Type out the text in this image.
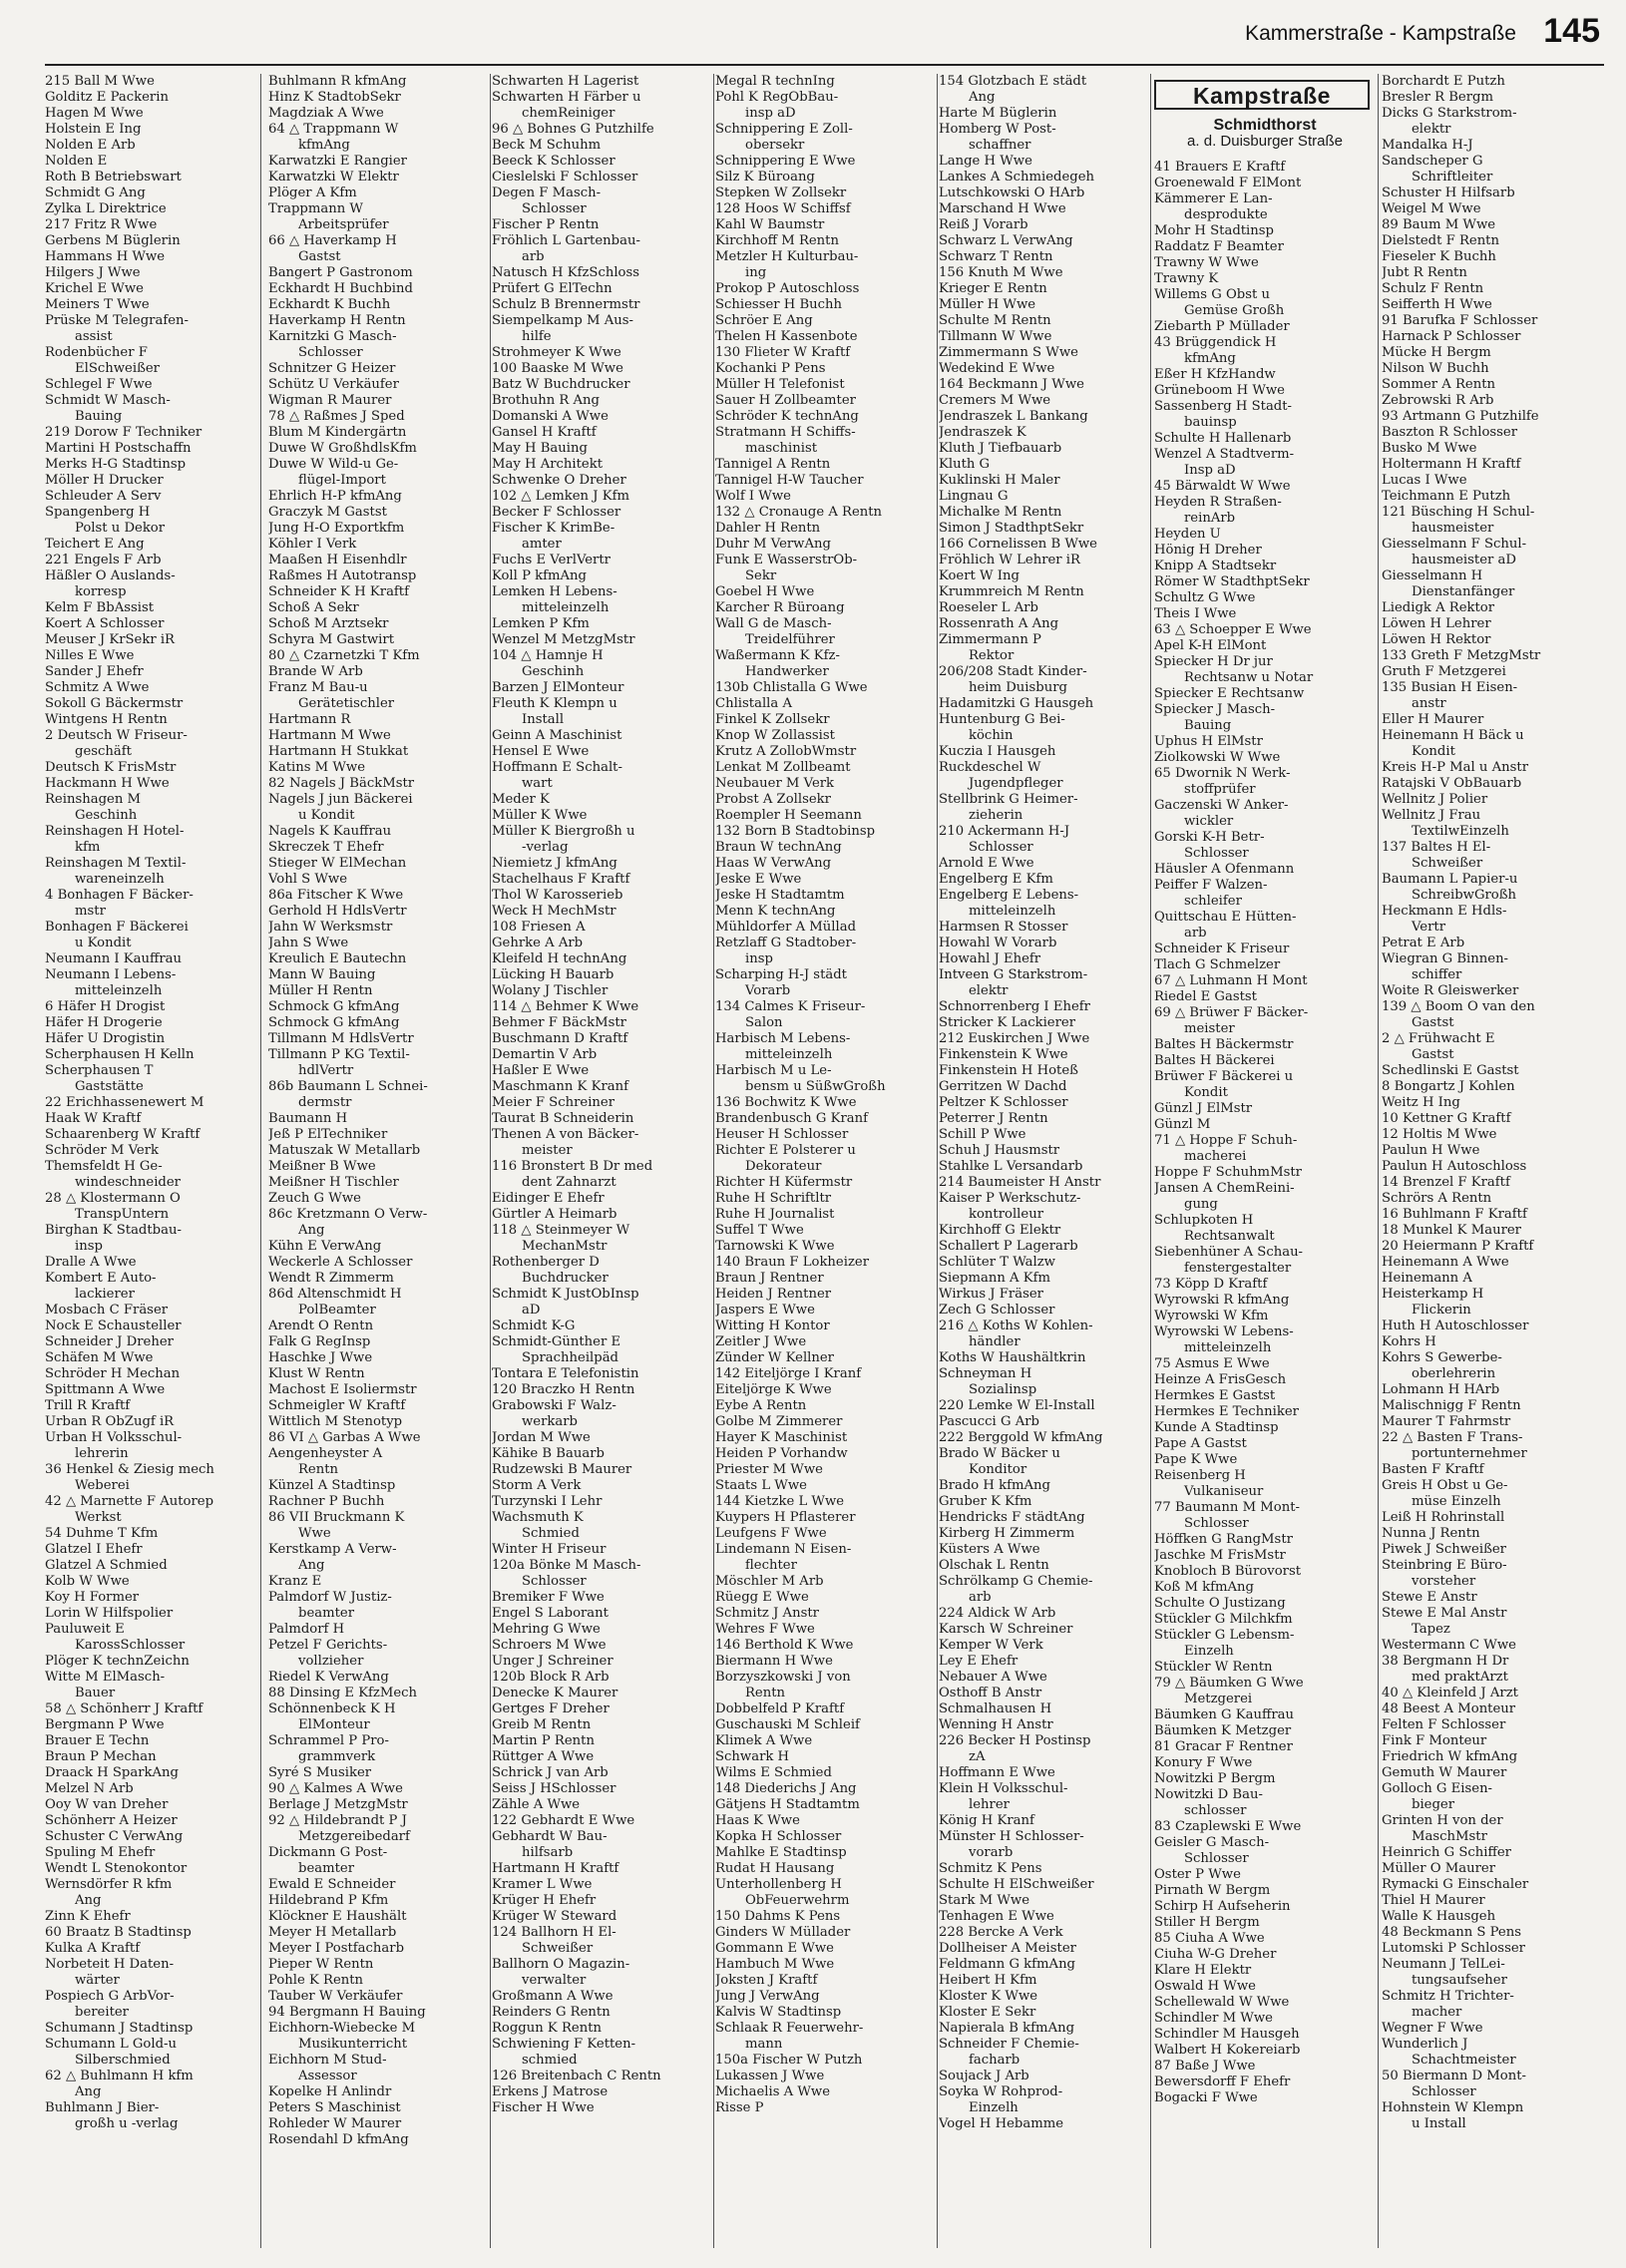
Kammerstraße - Kampstraße 145
215 Ball M Wwe
Golditz E Packerin
Hagen M Wwe
Holstein E Ing
Nolden E Arb
Nolden E
Roth B Betriebswart
Schmidt G Ang
Zylka L Direktrice
217 Fritz R Wwe
Gerbens M Büglerin
Hammans H Wwe
Hilgers J Wwe
Krichel E Wwe
Meiners T Wwe
Prüske M Telegrafen-
assist
Rodenbücher F
ElSchweißer
Schlegel F Wwe
Schmidt W Masch-
Bauing
219 Dorow F Techniker
Martini H Postschaffn
Merks H-G Stadtinsp
Möller H Drucker
Schleuder A Serv
Spangenberg H
Polst u Dekor
Teichert E Ang
221 Engels F Arb
Häßler O Auslands-
korresp
Kelm F BbAssist
Koert A Schlosser
Meuser J KrSekr iR
Nilles E Wwe
Sander J Ehefr
Schmitz A Wwe
Sokoll G Bäckermstr
Wintgens H Rentn
2 Deutsch W Friseur-
geschäft
Deutsch K FrisMstr
Hackmann H Wwe
Reinshagen M
Geschinh
Reinshagen H Hotel-
kfm
Reinshagen M Textil-
wareneinzelh
4 Bonhagen F Bäcker-
mstr
Bonhagen F Bäckerei
u Kondit
Neumann I Kauffrau
Neumann I Lebens-
mitteleinzelh
6 Häfer H Drogist
Häfer H Drogerie
Häfer U Drogistin
Scherphausen H Kelln
Scherphausen T
Gaststätte
22 Erichhassenewert M
Haak W Kraftf
Schaarenberg W Kraftf
Schröder M Verk
Themsfeldt H Ge-
windeschneider
28 △ Klostermann O
TranspUntern
Birghan K Stadtbau-
insp
Dralle A Wwe
Kombert E Auto-
lackierer
Mosbach C Fräser
Nock E Schausteller
Schneider J Dreher
Schäfen M Wwe
Schröder H Mechan
Spittmann A Wwe
Trill R Kraftf
Urban R ObZugf iR
Urban H Volksschul-
lehrerin
36 Henkel & Ziesig mech
Weberei
42 △ Marnette F Autorep
Werkst
54 Duhme T Kfm
Glatzel I Ehefr
Glatzel A Schmied
Kolb W Wwe
Koy H Former
Lorin W Hilfspolier
Pauluweit E
KarossSchlosser
Plöger K technZeichn
Witte M ElMasch-
Bauer
58 △ Schönherr J Kraftf
Bergmann P Wwe
Brauer E Techn
Braun P Mechan
Draack H SparkAng
Melzel N Arb
Ooy W van Dreher
Schönherr A Heizer
Schuster C VerwAng
Spuling M Ehefr
Wendt L Stenokontor
Wernsdörfer R kfm
Ang
Zinn K Ehefr
60 Braatz B Stadtinsp
Kulka A Kraftf
Norbeteit H Daten-
wärter
Pospiech G ArbVor-
bereiter
Schumann J Stadtinsp
Schumann L Gold-u
Silberschmied
62 △ Buhlmann H kfm
Ang
Buhlmann J Bier-
großh u -verlag
Buhlmann R kfmAng
Hinz K StadtobSekr
Magdziak A Wwe
64 △ Trappmann W
kfmAng
Karwatzki E Rangier
Karwatzki W Elektr
Plöger A Kfm
Trappmann W
Arbeitsprüfer
66 △ Haverkamp H
Gastst
Bangert P Gastronom
Eckhardt H Buchbind
Eckhardt K Buchh
Haverkamp H Rentn
Karnitzki G Masch-
Schlosser
Schnitzer G Heizer
Schütz U Verkäufer
Wigman R Maurer
78 △ Raßmes J Sped
Blum M Kindergärtn
Duwe W GroßhdlsKfm
Duwe W Wild-u Ge-
flügel-Import
Ehrlich H-P kfmAng
Graczyk M Gastst
Jung H-O Exportkfm
Köhler I Verk
Maaßen H Eisenhdlr
Raßmes H Autotransp
Schneider K H Kraftf
Schoß A Sekr
Schoß M Arztsekr
Schyra M Gastwirt
80 △ Czarnetzki T Kfm
Brande W Arb
Franz M Bau-u
Gerätetischler
Hartmann R
Hartmann M Wwe
Hartmann H Stukkat
Katins M Wwe
82 Nagels J BäckMstr
Nagels J jun Bäckerei
u Kondit
Nagels K Kauffrau
Skreczek T Ehefr
Stieger W ElMechan
Vohl S Wwe
86a Fitscher K Wwe
Gerhold H HdlsVertr
Jahn W Werksmstr
Jahn S Wwe
Kreulich E Bautechn
Mann W Bauing
Müller H Rentn
Schmock G kfmAng
Schmock G kfmAng
Tillmann M HdlsVertr
Tillmann P KG Textil-
hdlVertr
86b Baumann L Schnei-
dermstr
Baumann H
Jeß P ElTechniker
Matuszak W Metallarb
Meißner B Wwe
Meißner H Tischler
Zeuch G Wwe
86c Kretzmann O Verw-
Ang
Kühn E VerwAng
Weckerle A Schlosser
Wendt R Zimmerm
86d Altenschmidt H
PolBeamter
Arendt O Rentn
Falk G RegInsp
Haschke J Wwe
Klust W Rentn
Machost E Isoliermstr
Schmeigler W Kraftf
Wittlich M Stenotyp
86 VI △ Garbas A Wwe
Aengenheyster A
Rentn
Künzel A Stadtinsp
Rachner P Buchh
86 VII Bruckmann K
Wwe
Kerstkamp A Verw-
Ang
Kranz E
Palmdorf W Justiz-
beamter
Palmdorf H
Petzel F Gerichts-
vollzieher
Riedel K VerwAng
88 Dinsing E KfzMech
Schönnenbeck K H
ElMonteur
Schrammel P Pro-
grammverk
Syré S Musiker
90 △ Kalmes A Wwe
Berlage J MetzgMstr
92 △ Hildebrandt P J
Metzgereibedarf
Dickmann G Post-
beamter
Ewald E Schneider
Hildebrand P Kfm
Klöckner E Haushält
Meyer H Metallarb
Meyer I Postfacharb
Pieper W Rentn
Pohle K Rentn
Tauber W Verkäufer
94 Bergmann H Bauing
Eichhorn-Wiebecke M
Musikunterricht
Eichhorn M Stud-
Assessor
Kopelke H Anlindr
Peters S Maschinist
Rohleder W Maurer
Rosendahl D kfmAng
Schwarten H Lagerist
Schwarten H Färber u
chemReiniger
96 △ Bohnes G Putzhilfe
Beck M Schuhm
Beeck K Schlosser
Cieslelski F Schlosser
Degen F Masch-
Schlosser
Fischer P Rentn
Fröhlich L Gartenbau-
arb
Natusch H KfzSchloss
Prüfert G ElTechn
Schulz B Brennermstr
Siempelkamp M Aus-
hilfe
Strohmeyer K Wwe
100 Baaske M Wwe
Batz W Buchdrucker
Brothuhn R Ang
Domanski A Wwe
Gansel H Kraftf
May H Bauing
May H Architekt
Schwenke O Dreher
102 △ Lemken J Kfm
Becker F Schlosser
Fischer K KrimBe-
amter
Fuchs E VerlVertr
Koll P kfmAng
Lemken H Lebens-
mitteleinzelh
Lemken P Kfm
Wenzel M MetzgMstr
104 △ Hamnje H
Geschinh
Barzen J ElMonteur
Fleuth K Klempn u
Install
Geinn A Maschinist
Hensel E Wwe
Hoffmann E Schalt-
wart
Meder K
Müller K Wwe
Müller K Biergroßh u
-verlag
Niemietz J kfmAng
Stachelhaus F Kraftf
Thol W Karosserieb
Weck H MechMstr
108 Friesen A
Gehrke A Arb
Kleifeld H technAng
Lücking H Bauarb
Wolany J Tischler
114 △ Behmer K Wwe
Behmer F BäckMstr
Buschmann D Kraftf
Demartin V Arb
Haßler E Wwe
Maschmann K Kranf
Meier F Schreiner
Taurat B Schneiderin
Thenen A von Bäcker-
meister
116 Bronstert B Dr med
dent Zahnarzt
Eidinger E Ehefr
Gürtler A Heimarb
118 △ Steinmeyer W
MechanMstr
Rothenberger D
Buchdrucker
Schmidt K JustObInsp
aD
Schmidt K-G
Schmidt-Günther E
Sprachheilpäd
Tontara E Telefonistin
120 Braczko H Rentn
Grabowski F Walz-
werkarb
Jordan M Wwe
Kähike B Bauarb
Rudzewski B Maurer
Storm A Verk
Turzynski I Lehr
Wachsmuth K
Schmied
Winter H Friseur
120a Bönke M Masch-
Schlosser
Bremiker F Wwe
Engel S Laborant
Mehring G Wwe
Schroers M Wwe
Unger J Schreiner
120b Block R Arb
Denecke K Maurer
Gertges F Dreher
Greib M Rentn
Martin P Rentn
Rüttger A Wwe
Schrick J van Arb
Seiss J HSchlosser
Zähle A Wwe
122 Gebhardt E Wwe
Gebhardt W Bau-
hilfsarb
Hartmann H Kraftf
Kramer L Wwe
Krüger H Ehefr
Krüger W Steward
124 Ballhorn H El-
Schweißer
Ballhorn O Magazin-
verwalter
Großmann A Wwe
Reinders G Rentn
Roggun K Rentn
Schwiening F Ketten-
schmied
126 Breitenbach C Rentn
Erkens J Matrose
Fischer H Wwe
Megal R technIng
Pohl K RegObBau-
insp aD
Schnippering E Zoll-
obersekr
Schnippering E Wwe
Silz K Büroang
Stepken W Zollsekr
128 Hoos W Schiffsf
Kahl W Baumstr
Kirchhoff M Rentn
Metzler H Kulturbau-
ing
Prokop P Autoschloss
Schiesser H Buchh
Schröer E Ang
Thelen H Kassenbote
130 Flieter W Kraftf
Kochanki P Pens
Müller H Telefonist
Sauer H Zollbeamter
Schröder K technAng
Stratmann H Schiffs-
maschinist
Tannigel A Rentn
Tannigel H-W Taucher
Wolf I Wwe
132 △ Cronauge A Rentn
Dahler H Rentn
Duhr M VerwAng
Funk E WasserstrOb-
Sekr
Goebel H Wwe
Karcher R Büroang
Wall G de Masch-
Treidelführer
Waßermann K Kfz-
Handwerker
130b Chlistalla G Wwe
Chlistalla A
Finkel K Zollsekr
Knop W Zollassist
Krutz A ZollobWmstr
Lenkat M Zollbeamt
Neubauer M Verk
Probst A Zollsekr
Roempler H Seemann
132 Born B Stadtobinsp
Braun W technAng
Haas W VerwAng
Jeske E Wwe
Jeske H Stadtamtm
Menn K technAng
Mühldorfer A Müllad
Retzlaff G Stadtober-
insp
Scharping H-J städt
Vorarb
134 Calmes K Friseur-
Salon
Harbisch M Lebens-
mitteleinzelh
Harbisch M u Le-
bensm u SüßwGroßh
136 Bochwitz K Wwe
Brandenbusch G Kranf
Heuser H Schlosser
Richter E Polsterer u
Dekorateur
Richter H Küfermstr
Ruhe H Schriftltr
Ruhe H Journalist
Suffel T Wwe
Tarnowski K Wwe
140 Braun F Lokheizer
Braun J Rentner
Heiden J Rentner
Jaspers E Wwe
Witting H Kontor
Zeitler J Wwe
Zünder W Kellner
142 Eiteljörge I Kranf
Eiteljörge K Wwe
Eybe A Rentn
Golbe M Zimmerer
Hayer K Maschinist
Heiden P Vorhandw
Priester M Wwe
Staats L Wwe
144 Kietzke L Wwe
Kuypers H Pflasterer
Leufgens F Wwe
Lindemann N Eisen-
flechter
Möschler M Arb
Rüegg E Wwe
Schmitz J Anstr
Wehres F Wwe
146 Berthold K Wwe
Biermann H Wwe
Borzyszkowski J von
Rentn
Dobbelfeld P Kraftf
Guschauski M Schleif
Klimek A Wwe
Schwark H
Wilms E Schmied
148 Diederichs J Ang
Gätjens H Stadtamtm
Haas K Wwe
Kopka H Schlosser
Mahlke E Stadtinsp
Rudat H Hausang
Unterhollenberg H
ObFeuerwehrm
150 Dahms K Pens
Ginders W Müllader
Gommann E Wwe
Hambuch M Wwe
Joksten J Kraftf
Jung J VerwAng
Kalvis W Stadtinsp
Schlaak R Feuerwehr-
mann
150a Fischer W Putzh
Lukassen J Wwe
Michaelis A Wwe
Risse P
154 Glotzbach E städt
Ang
Harte M Büglerin
Homberg W Post-
schaffner
Lange H Wwe
Lankes A Schmiedegeh
Lutschkowski O HArb
Marschand H Wwe
Reiß J Vorarb
Schwarz L VerwAng
Schwarz T Rentn
156 Knuth M Wwe
Krieger E Rentn
Müller H Wwe
Schulte M Rentn
Tillmann W Wwe
Zimmermann S Wwe
Wedekind E Wwe
164 Beckmann J Wwe
Cremers M Wwe
Jendraszek L Bankang
Jendraszek K
Kluth J Tiefbauarb
Kluth G
Kuklinski H Maler
Lingnau G
Michalke M Rentn
Simon J StadthptSekr
166 Cornelissen B Wwe
Fröhlich W Lehrer iR
Koert W Ing
Krummreich M Rentn
Roeseler L Arb
Rossenrath A Ang
Zimmermann P
Rektor
206/208 Stadt Kinder-
heim Duisburg
Hadamitzki G Hausgeh
Huntenburg G Bei-
köchin
Kuczia I Hausgeh
Ruckdeschel W
Jugendpfleger
Stellbrink G Heimer-
zieherin
210 Ackermann H-J
Schlosser
Arnold E Wwe
Engelberg E Kfm
Engelberg E Lebens-
mitteleinzelh
Harmsen R Stosser
Howahl W Vorarb
Howahl J Ehefr
Intveen G Starkstrom-
elektr
Schnorrenberg I Ehefr
Stricker K Lackierer
212 Euskirchen J Wwe
Finkenstein K Wwe
Finkenstein H Hoteß
Gerritzen W Dachd
Peltzer K Schlosser
Peterrer J Rentn
Schill P Wwe
Schuh J Hausmstr
Stahlke L Versandarb
214 Baumeister H Anstr
Kaiser P Werkschutz-
kontrolleur
Kirchhoff G Elektr
Schallert P Lagerarb
Schlüter T Walzw
Siepmann A Kfm
Wirkus J Fräser
Zech G Schlosser
216 △ Koths W Kohlen-
händler
Koths W Haushältkrin
Schneyman H
Sozialinsp
220 Lemke W El-Install
Pascucci G Arb
222 Berggold W kfmAng
Brado W Bäcker u
Konditor
Brado H kfmAng
Gruber K Kfm
Hendricks F städtAng
Kirberg H Zimmerm
Küsters A Wwe
Olschak L Rentn
Schrölkamp G Chemie-
arb
224 Aldick W Arb
Karsch W Schreiner
Kemper W Verk
Ley E Ehefr
Nebauer A Wwe
Osthoff B Anstr
Schmalhausen H
Wenning H Anstr
226 Becker H Postinsp
zA
Hoffmann E Wwe
Klein H Volksschul-
lehrer
König H Kranf
Münster H Schlosser-
vorarb
Schmitz K Pens
Schulte H ElSchweißer
Stark M Wwe
Tenhagen E Wwe
228 Bercke A Verk
Dollheiser A Meister
Feldmann G kfmAng
Heibert H Kfm
Kloster K Wwe
Kloster E Sekr
Napierala B kfmAng
Schneider F Chemie-
facharb
Soujack J Arb
Soyka W Rohprod-
Einzelh
Vogel H Hebamme
Kampstraße
Schmidthorst
a. d. Duisburger Straße
41 Brauers E Kraftf
Groenewald F ElMont
Kämmerer E Lan-
desprodukte
Mohr H Stadtinsp
Raddatz F Beamter
Trawny W Wwe
Trawny K
Willems G Obst u
Gemüse Großh
Ziebarth P Müllader
43 Brüggendick H
kfmAng
Eßer H KfzHandw
Grüneboom H Wwe
Sassenberg H Stadt-
bauinsp
Schulte H Hallenarb
Wenzel A Stadtverm-
Insp aD
45 Bärwaldt W Wwe
Heyden R Straßen-
reinArb
Heyden U
Hönig H Dreher
Knipp A Stadtsekr
Römer W StadthptSekr
Schultz G Wwe
Theis I Wwe
63 △ Schoepper E Wwe
Apel K-H ElMont
Spiecker H Dr jur
Rechtsanw u Notar
Spiecker E Rechtsanw
Spiecker J Masch-
Bauing
Uphus H ElMstr
Ziolkowski W Wwe
65 Dwornik N Werk-
stoffprüfer
Gaczenski W Anker-
wickler
Gorski K-H Betr-
Schlosser
Häusler A Ofenmann
Peiffer F Walzen-
schleifer
Quittschau E Hütten-
arb
Schneider K Friseur
Tlach G Schmelzer
67 △ Luhmann H Mont
Riedel E Gastst
69 △ Brüwer F Bäcker-
meister
Baltes H Bäckermstr
Baltes H Bäckerei
Brüwer F Bäckerei u
Kondit
Günzl J ElMstr
Günzl M
71 △ Hoppe F Schuh-
macherei
Hoppe F SchuhmMstr
Jansen A ChemReini-
gung
Schlupkoten H
Rechtsanwalt
Siebenhüner A Schau-
fenstergestalter
73 Köpp D Kraftf
Wyrowski R kfmAng
Wyrowski W Kfm
Wyrowski W Lebens-
mitteleinzelh
75 Asmus E Wwe
Heinze A FrisGesch
Hermkes E Gastst
Hermkes E Techniker
Kunde A Stadtinsp
Pape A Gastst
Pape K Wwe
Reisenberg H
Vulkaniseur
77 Baumann M Mont-
Schlosser
Höffken G RangMstr
Jaschke M FrisMstr
Knobloch B Bürovorst
Koß M kfmAng
Schulte O Justizang
Stückler G Milchkfm
Stückler G Lebensm-
Einzelh
Stückler W Rentn
79 △ Bäumken G Wwe
Metzgerei
Bäumken G Kauffrau
Bäumken K Metzger
81 Gracar F Rentner
Konury F Wwe
Nowitzki P Bergm
Nowitzki D Bau-
schlosser
83 Czaplewski E Wwe
Geisler G Masch-
Schlosser
Oster P Wwe
Pirnath W Bergm
Schirp H Aufseherin
Stiller H Bergm
85 Ciuha A Wwe
Ciuha W-G Dreher
Klare H Elektr
Oswald H Wwe
Schellewald W Wwe
Schindler M Wwe
Schindler M Hausgeh
Walbert H Kokereiarb
87 Baße J Wwe
Bewersdorff F Ehefr
Bogacki F Wwe
Borchardt E Putzh
Bresler R Bergm
Dicks G Starkstrom-
elektr
Mandalka H-J
Sandscheper G
Schriftleiter
Schuster H Hilfsarb
Weigel M Wwe
89 Baum M Wwe
Dielstedt F Rentn
Fieseler K Buchh
Jubt R Rentn
Schulz F Rentn
Seifferth H Wwe
91 Barufka F Schlosser
Harnack P Schlosser
Mücke H Bergm
Nilson W Buchh
Sommer A Rentn
Zebrowski R Arb
93 Artmann G Putzhilfe
Baszton R Schlosser
Busko M Wwe
Holtermann H Kraftf
Lucas I Wwe
Teichmann E Putzh
121 Büsching H Schul-
hausmeister
Giesselmann F Schul-
hausmeister aD
Giesselmann H
Dienstanfänger
Liedigk A Rektor
Löwen H Lehrer
Löwen H Rektor
133 Greth F MetzgMstr
Gruth F Metzgerei
135 Busian H Eisen-
anstr
Eller H Maurer
Heinemann H Bäck u
Kondit
Kreis H-P Mal u Anstr
Ratajski V ObBauarb
Wellnitz J Polier
Wellnitz J Frau
TextilwEinzelh
137 Baltes H El-
Schweißer
Baumann L Papier-u
SchreibwGroßh
Heckmann E Hdls-
Vertr
Petrat E Arb
Wiegran G Binnen-
schiffer
Woite R Gleiswerker
139 △ Boom O van den
Gastst
2 △ Frühwacht E
Gastst
Schedlinski E Gastst
8 Bongartz J Kohlen
Weitz H Ing
10 Kettner G Kraftf
12 Holtis M Wwe
Paulun H Wwe
Paulun H Autoschloss
14 Brenzel F Kraftf
Schrörs A Rentn
16 Buhlmann F Kraftf
18 Munkel K Maurer
20 Heiermann P Kraftf
Heinemann A Wwe
Heinemann A
Heisterkamp H
Flickerin
Huth H Autoschlosser
Kohrs H
Kohrs S Gewerbe-
oberlehrerin
Lohmann H HArb
Malischnigg F Rentn
Maurer T Fahrmstr
22 △ Basten F Trans-
portunternehmer
Basten F Kraftf
Greis H Obst u Ge-
müse Einzelh
Leiß H Rohrinstall
Nunna J Rentn
Piwek J Schweißer
Steinbring E Büro-
vorsteher
Stewe E Anstr
Stewe E Mal Anstr
Tapez
Westermann C Wwe
38 Bergmann H Dr
med praktArzt
40 △ Kleinfeld J Arzt
48 Beest A Monteur
Felten F Schlosser
Fink F Monteur
Friedrich W kfmAng
Gemuth W Maurer
Golloch G Eisen-
bieger
Grinten H von der
MaschMstr
Heinrich G Schiffer
Müller O Maurer
Rymacki G Einschaler
Thiel H Maurer
Walle K Hausgeh
48 Beckmann S Pens
Lutomski P Schlosser
Neumann J TelLei-
tungsaufseher
Schmitz H Trichter-
macher
Wegner F Wwe
Wunderlich J
Schachtmeister
50 Biermann D Mont-
Schlosser
Hohnstein W Klempn
u Install
